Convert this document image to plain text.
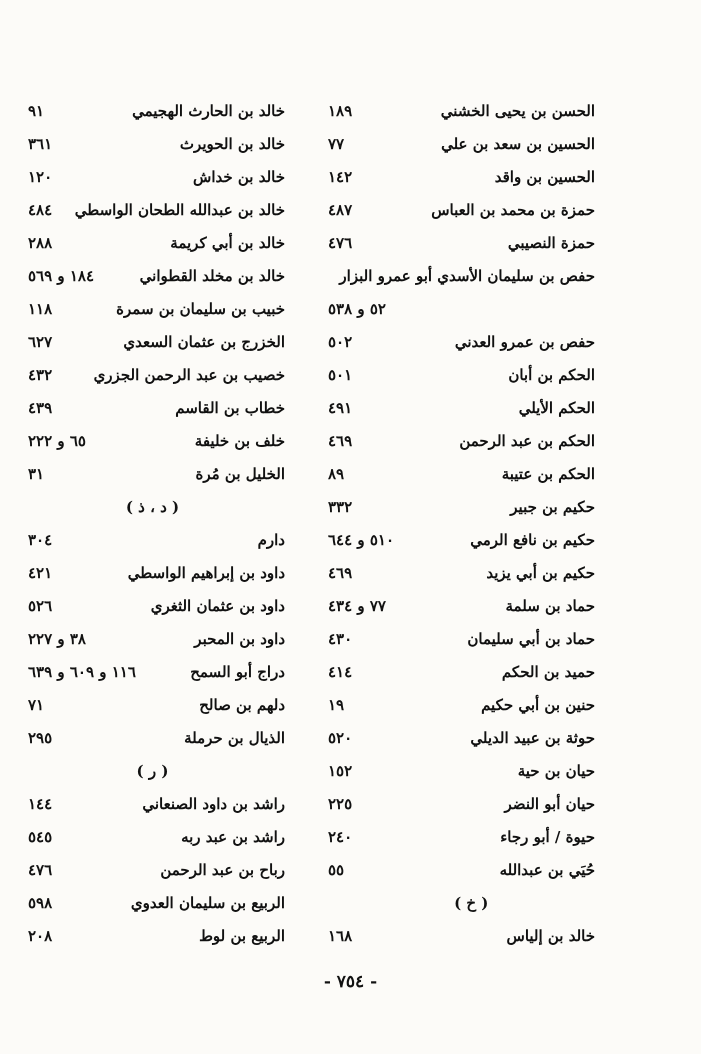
الحسن بن يحيى الخشني
١٨٩
الحسين بن سعد بن علي
٧٧
الحسين بن واقد
١٤٢
حمزة بن محمد بن العباس
٤٨٧
حمزة النصيبي
٤٧٦
حفص بن سليمان الأسدي أبو عمرو البزار
٥٢ و ٥٣٨
حفص بن عمرو العدني
٥٠٢
الحكم بن أبان
٥٠١
الحكم الأيلي
٤٩١
الحكم بن عبد الرحمن
٤٦٩
الحكم بن عتيبة
٨٩
حكيم بن جبير
٣٣٢
حكيم بن نافع الرمي
٥١٠ و ٦٤٤
حكيم بن أبي يزيد
٤٦٩
حماد بن سلمة
٧٧ و ٤٣٤
حماد بن أبي سليمان
٤٣٠
حميد بن الحكم
٤١٤
حنين بن أبي حكيم
١٩
حوثة بن عبيد الديلي
٥٢٠
حيان بن حية
١٥٢
حيان أبو النضر
٢٢٥
حيوة / أبو رجاء
٢٤٠
حُيَي بن عبدالله
٥٥
( خ )
خالد بن إلياس
١٦٨
خالد بن الحارث الهجيمي
٩١
خالد بن الحويرث
٣٦١
خالد بن خداش
١٢٠
خالد بن عبدالله الطحان الواسطي
٤٨٤
خالد بن أبي كريمة
٢٨٨
خالد بن مخلد القطواني
١٨٤ و ٥٦٩
خبيب بن سليمان بن سمرة
١١٨
الخزرج بن عثمان السعدي
٦٢٧
خصيب بن عبد الرحمن الجزري
٤٣٢
خطاب بن القاسم
٤٣٩
خلف بن خليفة
٦٥ و ٢٢٢
الخليل بن مُرة
٣١
( د ، ذ )
دارم
٣٠٤
داود بن إبراهيم الواسطي
٤٢١
داود بن عثمان الثغري
٥٢٦
داود بن المحبر
٣٨ و ٢٢٧
دراج أبو السمح
١١٦ و ٦٠٩ و ٦٣٩
دلهم بن صالح
٧١
الذيال بن حرملة
٢٩٥
( ر )
راشد بن داود الصنعاني
١٤٤
راشد بن عبد ربه
٥٤٥
رباح بن عبد الرحمن
٤٧٦
الربيع بن سليمان العدوي
٥٩٨
الربيع بن لوط
٢٠٨
- ٧٥٤ -
